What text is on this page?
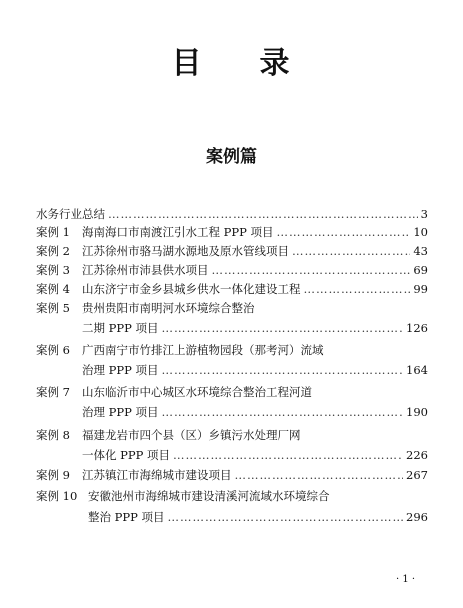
目 录
案例篇
水务行业总结 …………………………………………………………………………………………………………………………………………	3
案例 1	海南海口市南渡江引水工程 PPP 项目 …………………………………………………………………………………………………………………………………………	10
案例 2	江苏徐州市骆马湖水源地及原水管线项目 …………………………………………………………………………………………………………………………………………	43
案例 3	江苏徐州市沛县供水项目 …………………………………………………………………………………………………………………………………………	69
案例 4	山东济宁市金乡县城乡供水一体化建设工程 …………………………………………………………………………………………………………………………………………	99
案例 5	贵州贵阳市南明河水环境综合整治
二期 PPP 项目 …………………………………………………………………………………………………………………………………………	126
案例 6	广西南宁市竹排江上游植物园段（那考河）流域
治理 PPP 项目 …………………………………………………………………………………………………………………………………………	164
案例 7	山东临沂市中心城区水环境综合整治工程河道
治理 PPP 项目 …………………………………………………………………………………………………………………………………………	190
案例 8	福建龙岩市四个县（区）乡镇污水处理厂网
一体化 PPP 项目 …………………………………………………………………………………………………………………………………………	226
案例 9	江苏镇江市海绵城市建设项目 …………………………………………………………………………………………………………………………………………	267
案例 10 安徽池州市海绵城市建设清溪河流域水环境综合
整治 PPP 项目 …………………………………………………………………………………………………………………………………………	296
· 1 ·
